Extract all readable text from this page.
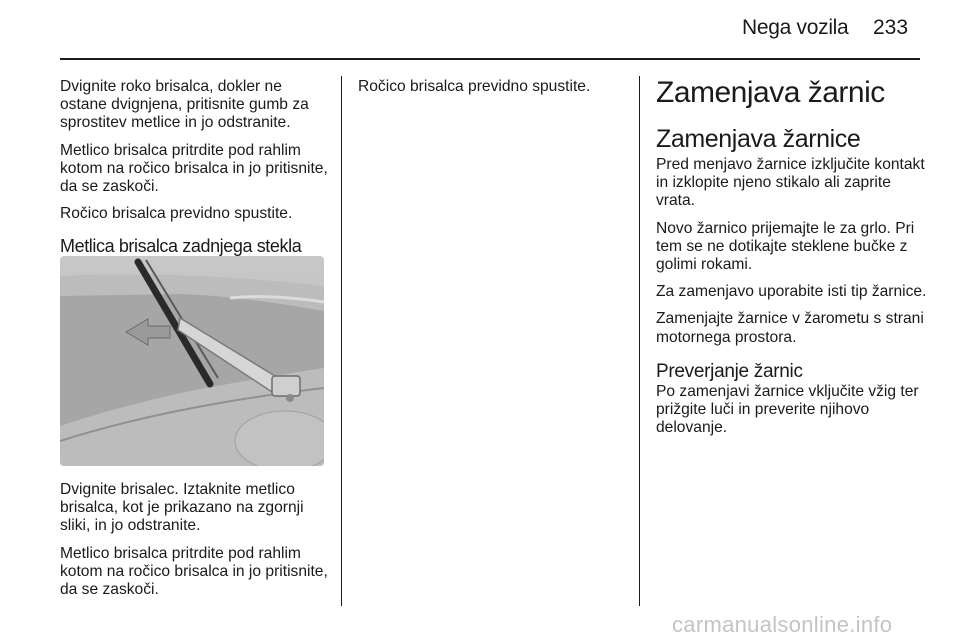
Nega vozila 233

Dvignite roko brisalca, dokler ne ostane dvignjena, pritisnite gumb za sprostitev metlice in jo odstranite.

Metlico brisalca pritrdite pod rahlim kotom na ročico brisalca in jo pritisnite, da se zaskoči.

Ročico brisalca previdno spustite.

Metlica brisalca zadnjega stekla

Dvignite brisalec. Iztaknite metlico brisalca, kot je prikazano na zgornji sliki, in jo odstranite.

Metlico brisalca pritrdite pod rahlim kotom na ročico brisalca in jo pritisnite, da se zaskoči.

Ročico brisalca previdno spustite.	Zamenjava žarnic
Zamenjava žarnice

Pred menjavo žarnice izključite kontakt in izklopite njeno stikalo ali zaprite vrata.

Novo žarnico prijemajte le za grlo. Pri tem se ne dotikajte steklene bučke z golimi rokami.

Za zamenjavo uporabite isti tip žarnice.

Zamenjajte žarnice v žarometu s strani motornega prostora.

Preverjanje žarnic

Po zamenjavi žarnice vključite vžig ter prižgite luči in preverite njihovo delovanje.

carmanualsonline.info
